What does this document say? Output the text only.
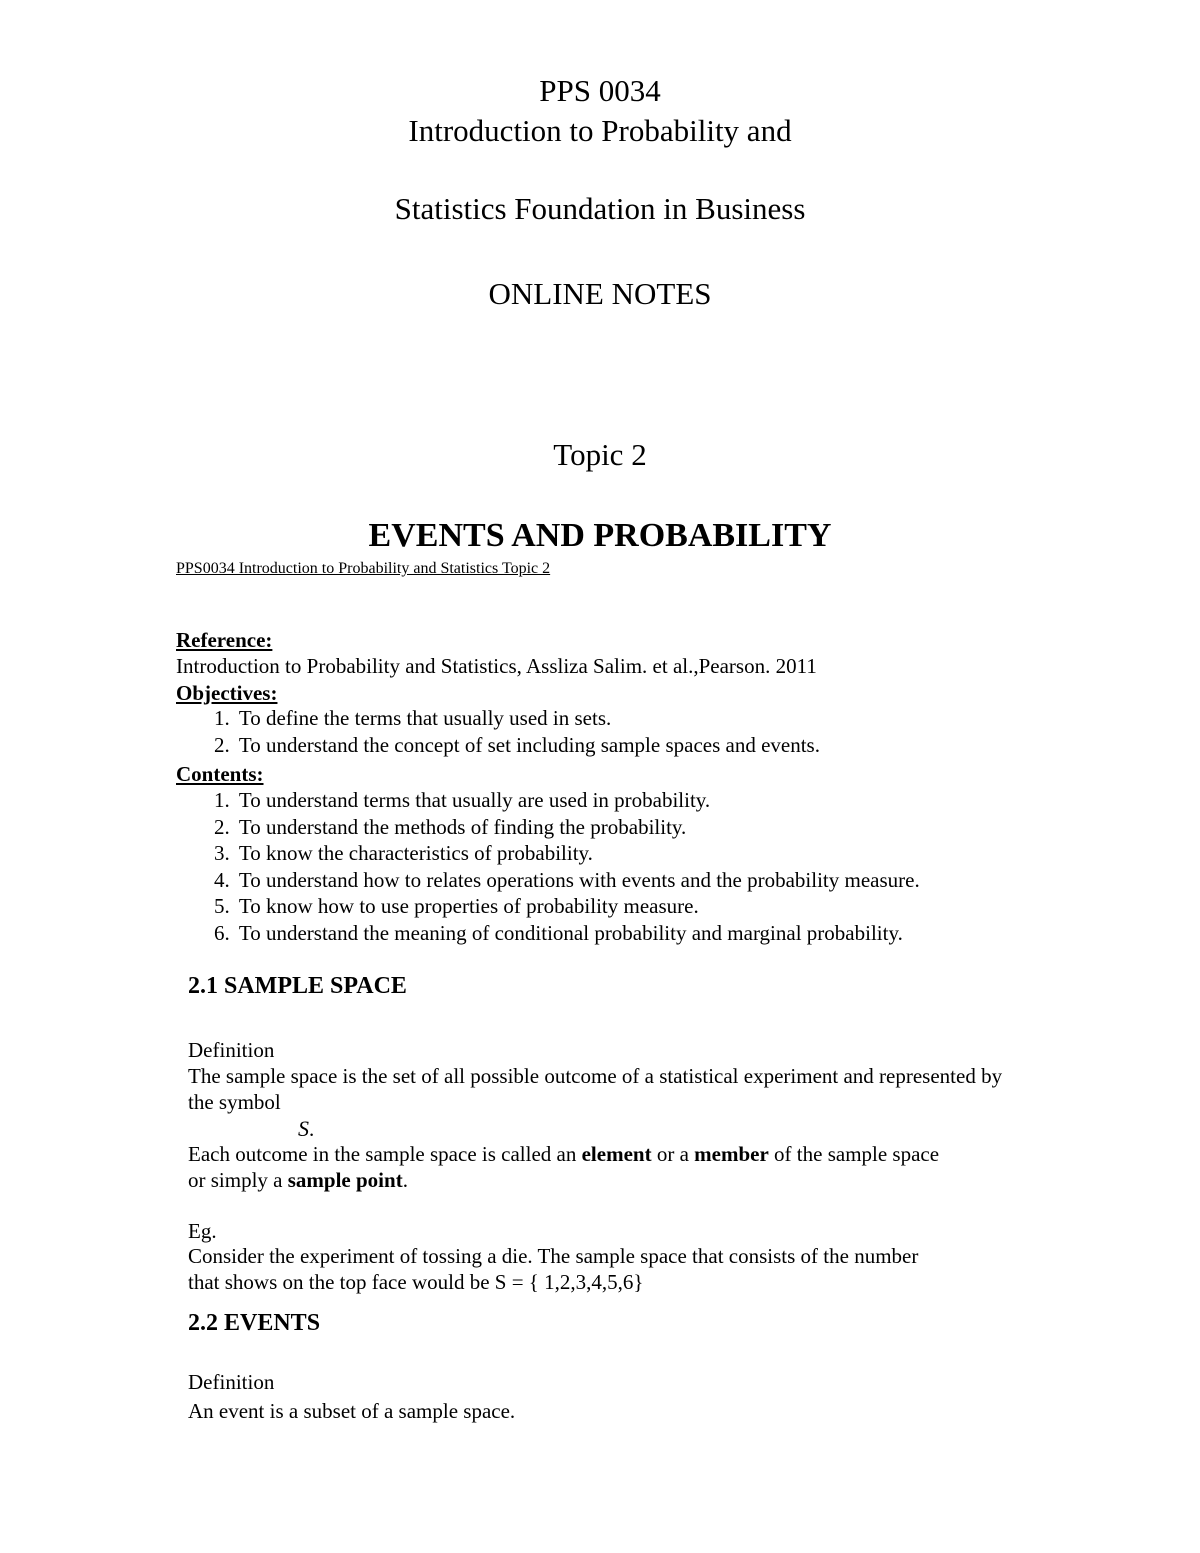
PPS 0034
Introduction to Probability and
Statistics Foundation in Business
ONLINE NOTES
Topic 2
EVENTS AND PROBABILITY
PPS0034 Introduction to Probability and Statistics Topic 2
Reference:
Introduction to Probability and Statistics, Assliza Salim. et al.,Pearson. 2011
Objectives:
1. To define the terms that usually used in sets.
2. To understand the concept of set including sample spaces and events.
Contents:
1. To understand terms that usually are used in probability.
2. To understand the methods of finding the probability.
3. To know the characteristics of probability.
4. To understand how to relates operations with events and the probability measure.
5. To know how to use properties of probability measure.
6. To understand the meaning of conditional probability and marginal probability.
2.1 SAMPLE SPACE
Definition
The sample space is the set of all possible outcome of a statistical experiment and represented by
the symbol
S.
Each outcome in the sample space is called an element or a member of the sample space
or simply a sample point.
Eg.
Consider the experiment of tossing a die. The sample space that consists of the number
that shows on the top face would be S = { 1,2,3,4,5,6}
2.2 EVENTS
Definition
An event is a subset of a sample space.
